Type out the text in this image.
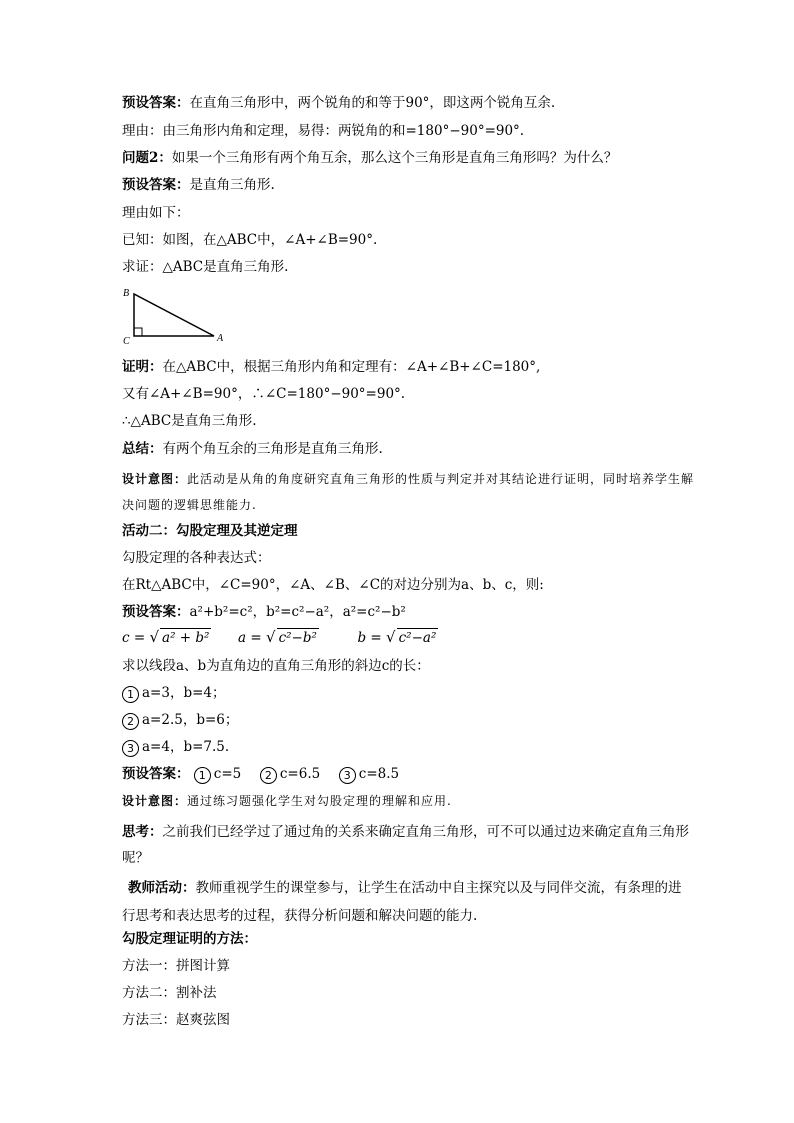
预设答案：在直角三角形中，两个锐角的和等于90°，即这两个锐角互余.
理由：由三角形内角和定理，易得：两锐角的和=180°−90°=90°.
问题2：如果一个三角形有两个角互余，那么这个三角形是直角三角形吗？为什么？
预设答案：是直角三角形.
理由如下：
已知：如图，在△ABC中，∠A+∠B=90°.
求证：△ABC是直角三角形.
B
C	A
证明：在△ABC中，根据三角形内角和定理有：∠A+∠B+∠C=180°,
又有∠A+∠B=90°，∴∠C=180°−90°=90°.
∴△ABC是直角三角形.
总结：有两个角互余的三角形是直角三角形.
设计意图：此活动是从角的角度研究直角三角形的性质与判定并对其结论进行证明，同时培养学生解决问题的逻辑思维能力.
活动二：勾股定理及其逆定理
勾股定理的各种表达式：
在Rt△ABC中，∠C=90°，∠A、∠B、∠C的对边分别为a、b、c，则:
预设答案：a²+b²=c²，b²=c²−a²，a²=c²−b²
c = √ a² + b² a = √ c²−b²	b = √ c²−a²
求以线段a、b为直角边的直角三角形的斜边c的长：
1 a=3，b=4；
2 a=2.5，b=6；
3 a=4，b=7.5.
预设答案： 1 c=5 2 c=6.5 3 c=8.5
设计意图：通过练习题强化学生对勾股定理的理解和应用.
思考：之前我们已经学过了通过角的关系来确定直角三角形，可不可以通过边来确定直角三角形呢？
教师活动：教师重视学生的课堂参与，让学生在活动中自主探究以及与同伴交流，有条理的进行思考和表达思考的过程，获得分析问题和解决问题的能力.
勾股定理证明的方法：
方法一：拼图计算
方法二：割补法
方法三：赵爽弦图
